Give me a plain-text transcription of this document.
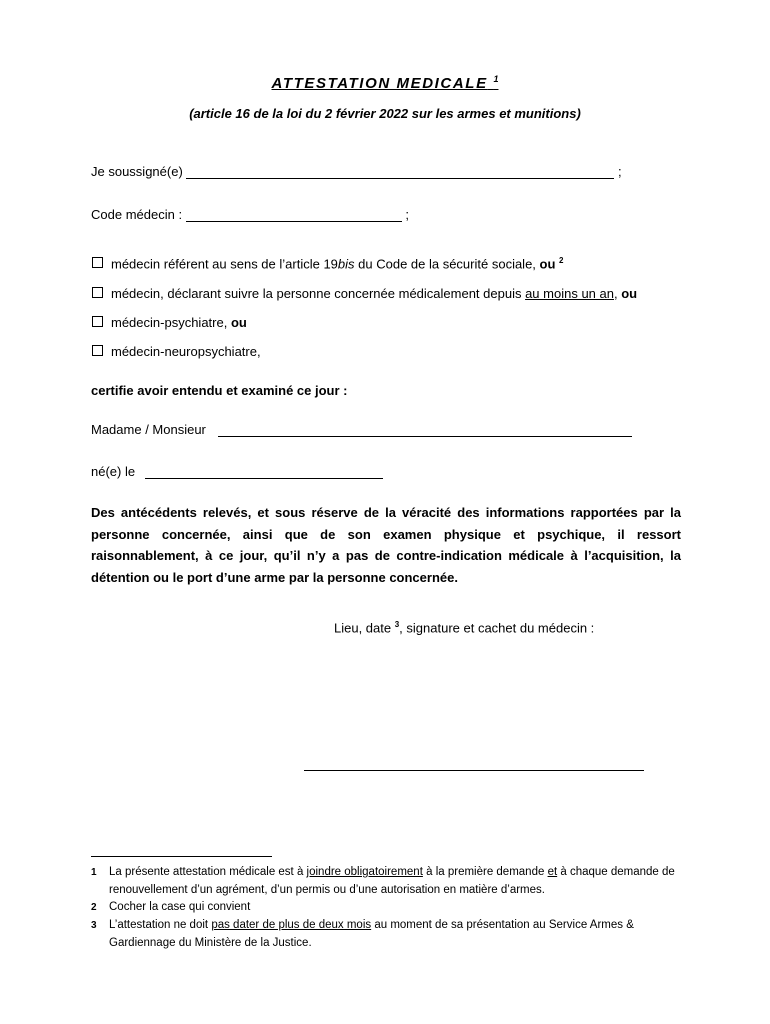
ATTESTATION MEDICALE $^1$
(article 16 de la loi du 2 février 2022 sur les armes et munitions)
Je soussigné(e)	;
Code médecin :	;
médecin référent au sens de l’article 19bis du Code de la sécurité sociale, ou $^2$
médecin, déclarant suivre la personne concernée médicalement depuis au moins un an, ou
médecin-psychiatre, ou
médecin-neuropsychiatre,
certifie avoir entendu et examiné ce jour :
Madame / Monsieur
né(e) le
Des antécédents relevés, et sous réserve de la véracité des informations rapportées par la personne concernée, ainsi que de son examen physique et psychique, il ressort raisonnablement, à ce jour, qu’il n’y a pas de contre-indication médicale à l’acquisition, la détention ou le port d’une arme par la personne concernée.
Lieu, date $^3$, signature et cachet du médecin :
1 La présente attestation médicale est à joindre obligatoirement à la première demande et à chaque demande de renouvellement d’un agrément, d’un permis ou d’une autorisation en matière d’armes.
2 Cocher la case qui convient
3 L’attestation ne doit pas dater de plus de deux mois au moment de sa présentation au Service Armes & Gardiennage du Ministère de la Justice.
